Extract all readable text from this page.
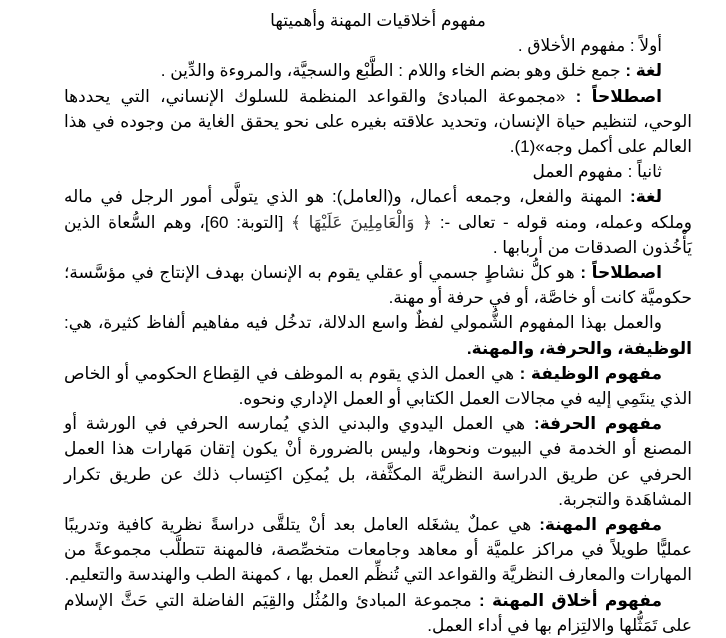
مفهوم أخلاقيات المهنة وأهميتها

أولاً : مفهوم الأخلاق .

لغة : جمع خلق وهو بضم الخاء واللام : الطَّبْع والسجيَّة، والمروءة والدِّين .

اصطلاحاً : «مجموعة المبادئ والقواعد المنظمة للسلوك الإنساني، التي يحددها الوحي، لتنظيم حياة الإنسان، وتحديد علاقته بغيره على نحو يحقق الغاية من وجوده في هذا العالم على أكمل وجه»(1).

ثانياً : مفهوم العمل

لغة: المهنة والفعل، وجمعه أعمال، و(العامل): هو الذي يتولَّى أمور الرجل في ماله وملكه وعمله، ومنه قوله - تعالى -: ﴿ وَالْعَامِلِينَ عَلَيْهَا ﴾ [التوبة: 60]، وهم السُّعاة الذين يَأْخُذون الصدقات من أربابها .

اصطلاحاً : هو كلُّ نشاطٍ جسمي أو عقلي يقوم به الإنسان بهدف الإنتاج في مؤسَّسة؛ حكوميَّة كانت أو خاصَّة، أو في حرفة أو مهنة.

والعمل بهذا المفهوم الشُّمولي لفظٌ واسع الدلالة، تدخُل فيه مفاهيم ألفاظ كثيرة، هي: الوظيفة، والحرفة، والمهنة.

مفهوم الوظيفة : هي العمل الذي يقوم به الموظف في القِطاع الحكومي أو الخاص الذي ينتَمِي إليه في مجالات العمل الكتابي أو العمل الإداري ونحوه.

مفهوم الحرفة: هي العمل اليدوي والبدني الذي يُمارسه الحرفي في الورشة أو المصنع أو الخدمة في البيوت ونحوها، وليس بالضرورة أنْ يكون إتقان مَهارات هذا العمل الحرفي عن طريق الدراسة النظريَّة المكثَّفة، بل يُمكِن اكتِساب ذلك عن طريق تكرار المشاهَدة والتجربة.

مفهوم المهنة: هي عملٌ يشغَله العامل بعد أنْ يتلقَّى دراسةً نظرية كافية وتدريبًا عمليًّا طويلاً في مراكز علميَّة أو معاهد وجامعات متخصِّصة، فالمهنة تتطلَّب مجموعةً من المهارات والمعارف النظريَّة والقواعد التي تُنظِّم العمل بها ، كمهنة الطب والهندسة والتعليم.

مفهوم أخلاق المهنة : مجموعة المبادئ والمُثُل والقِيَم الفاضلة التي حَثَّ الإسلام على تَمَثُّلها والالتِزام بها في أداء العمل.
